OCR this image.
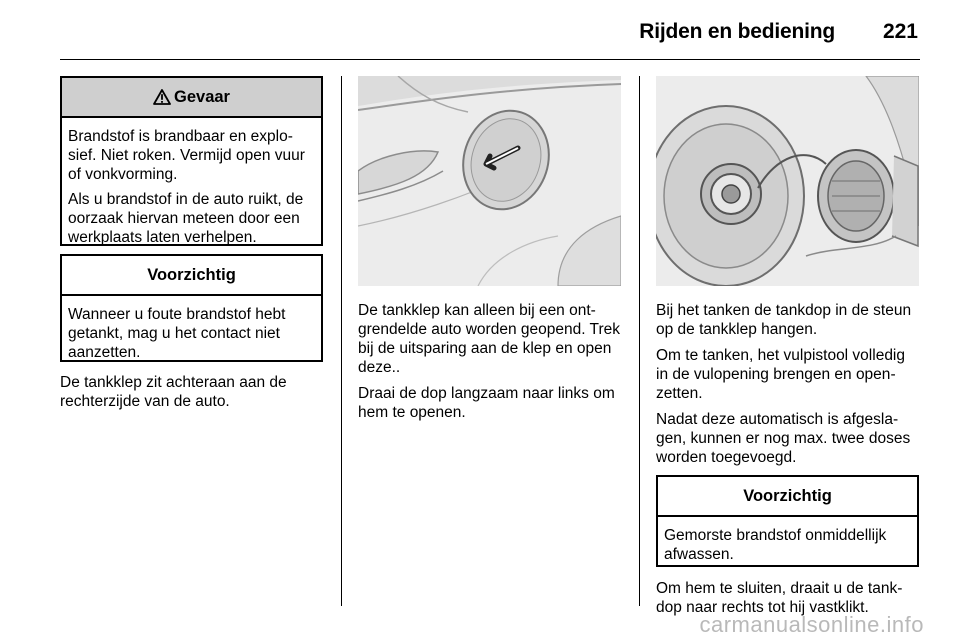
Rijden en bediening 221
Gevaar

Brandstof is brandbaar en explosief. Niet roken. Vermijd open vuur of vonkvorming.

Als u brandstof in de auto ruikt, de oorzaak hiervan meteen door een werkplaats laten verhelpen.

Voorzichtig

Wanneer u foute brandstof hebt getankt, mag u het contact niet aanzetten.

De tankklep zit achteraan aan de rechterzijde van de auto.

De tankklep kan alleen bij een ontgrendelde auto worden geopend. Trek bij de uitsparing aan de klep en open deze..

Draai de dop langzaam naar links om hem te openen.

Bij het tanken de tankdop in de steun op de tankklep hangen.

Om te tanken, het vulpistool volledig in de vulopening brengen en openzetten.

Nadat deze automatisch is afgeslagen, kunnen er nog max. twee doses worden toegevoegd.

Voorzichtig

Gemorste brandstof onmiddellijk afwassen.

Om hem te sluiten, draait u de tankdop naar rechts tot hij vastklikt.

carmanualsonline.info
